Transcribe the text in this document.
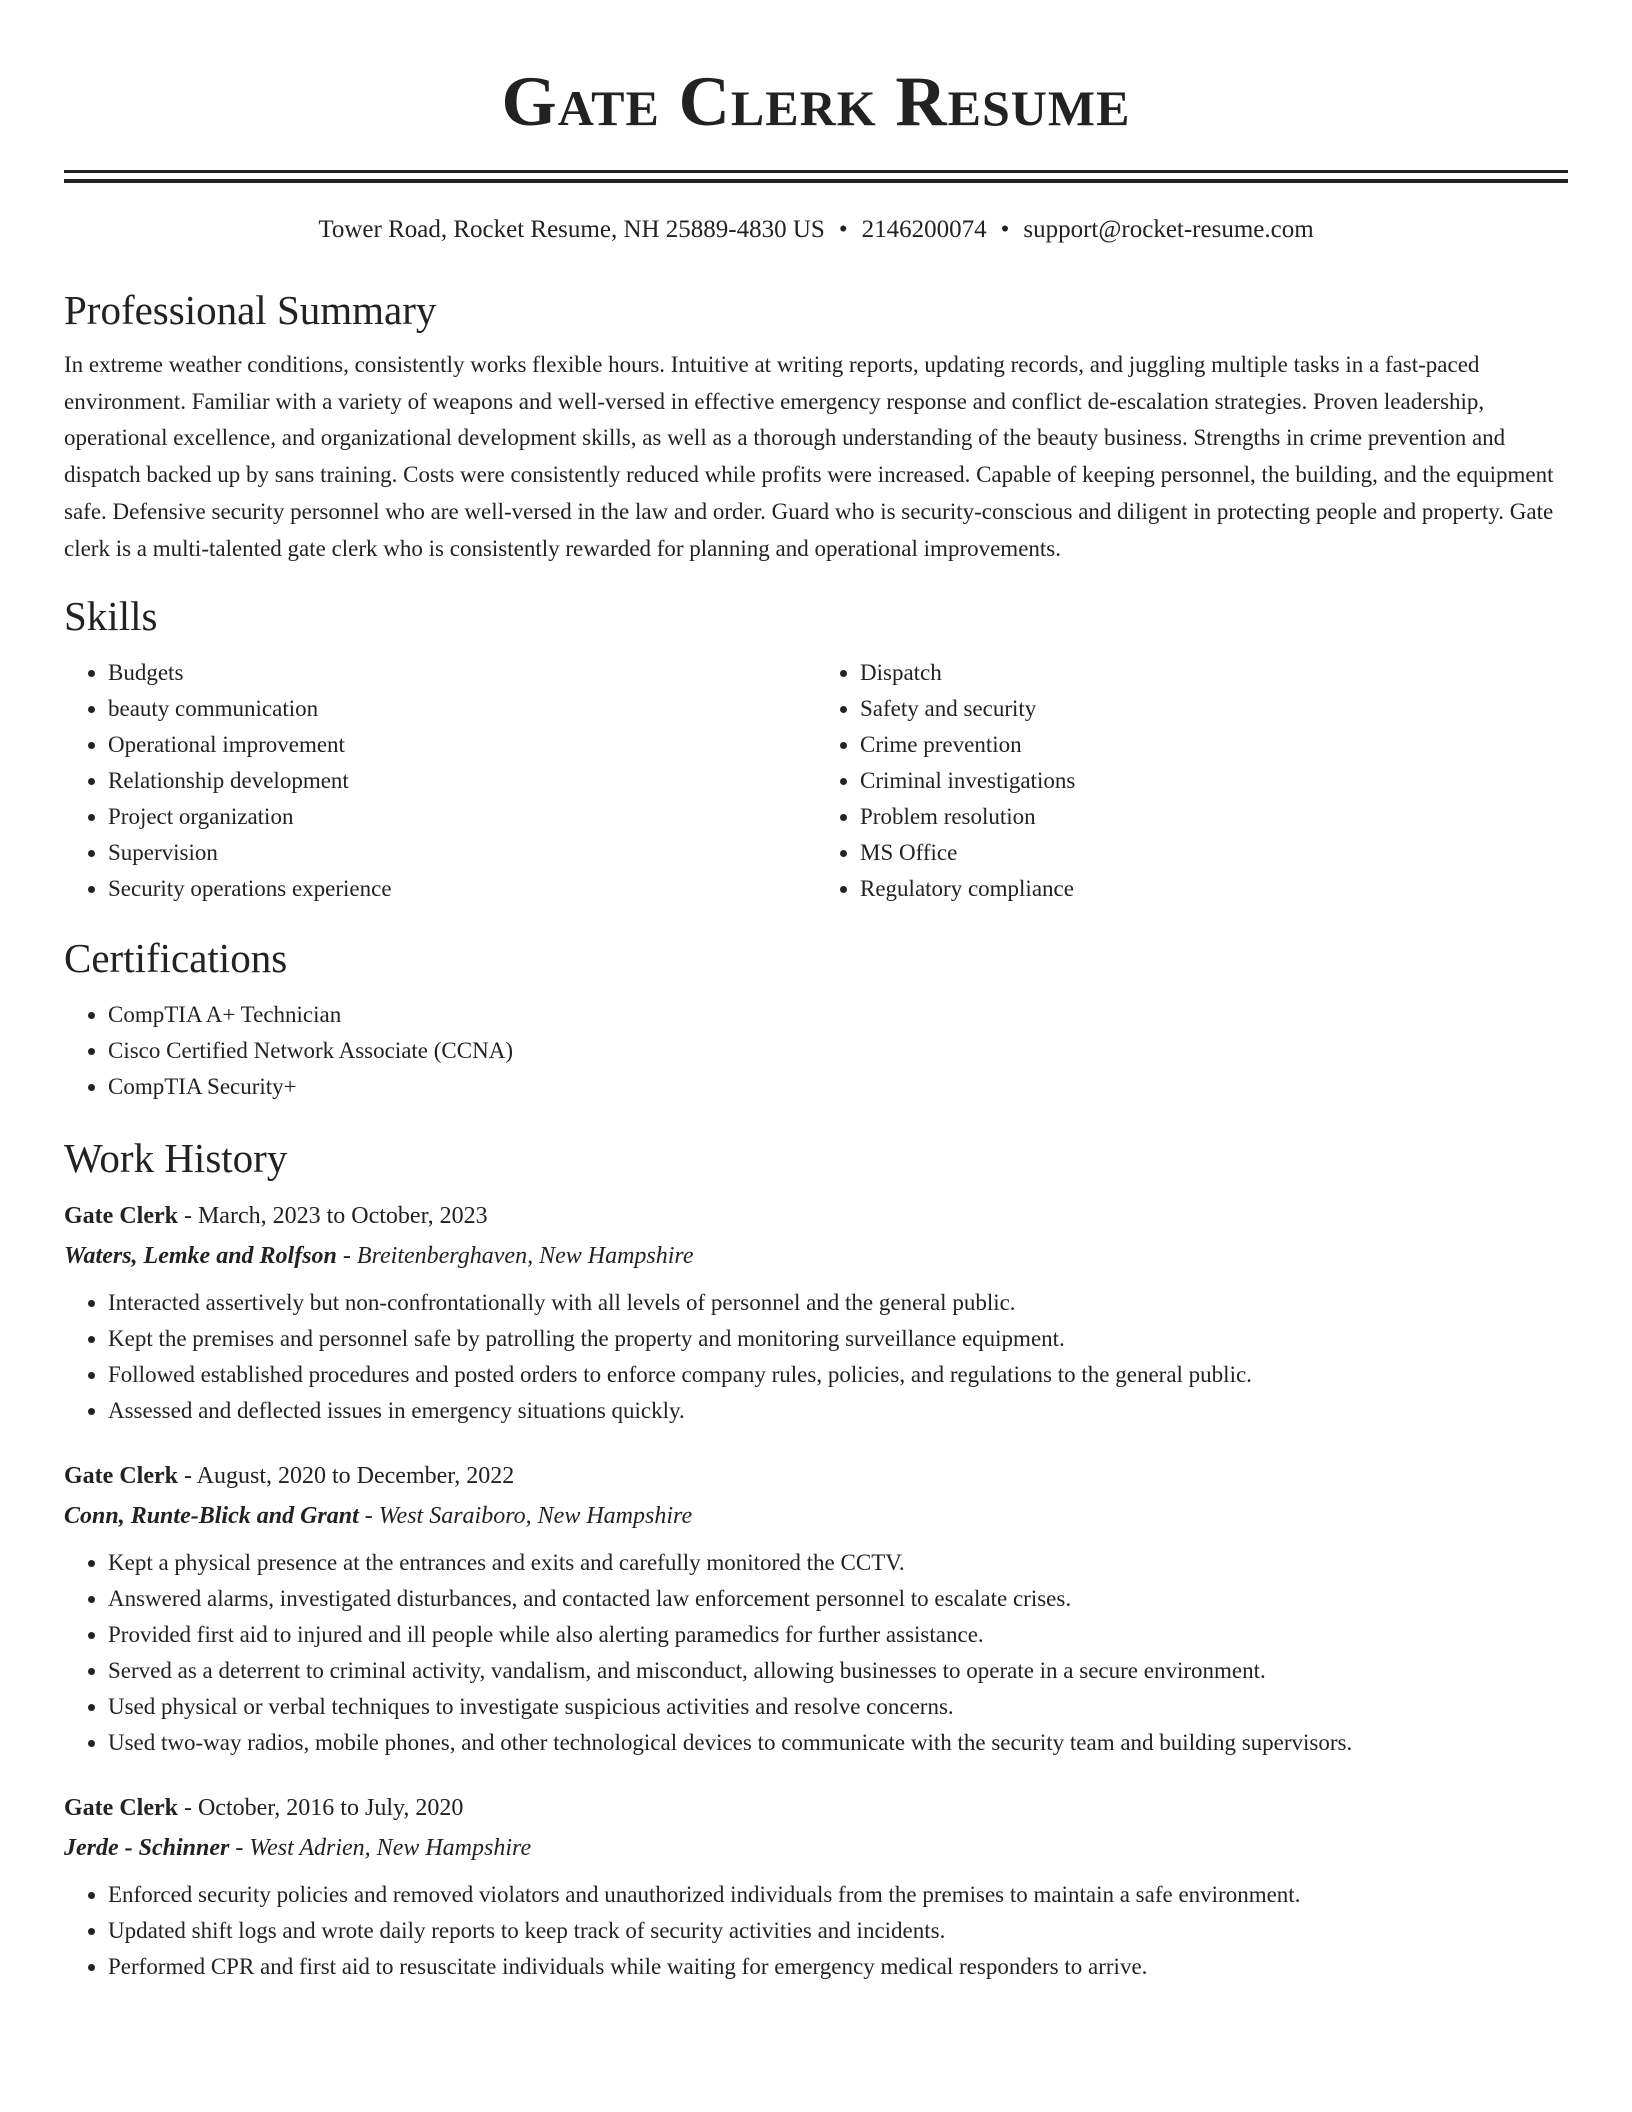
Gate Clerk Resume
Tower Road, Rocket Resume, NH 25889-4830 US • 2146200074 • support@rocket-resume.com
Professional Summary

In extreme weather conditions, consistently works flexible hours. Intuitive at writing reports, updating records, and juggling multiple tasks in a fast-paced environment. Familiar with a variety of weapons and well-versed in effective emergency response and conflict de-escalation strategies. Proven leadership, operational excellence, and organizational development skills, as well as a thorough understanding of the beauty business. Strengths in crime prevention and dispatch backed up by sans training. Costs were consistently reduced while profits were increased. Capable of keeping personnel, the building, and the equipment safe. Defensive security personnel who are well-versed in the law and order. Guard who is security-conscious and diligent in protecting people and property. Gate clerk is a multi-talented gate clerk who is consistently rewarded for planning and operational improvements.

Skills
• Budgets
• beauty communication
• Operational improvement
• Relationship development
• Project organization
• Supervision
• Security operations experience
• Dispatch
• Safety and security
• Crime prevention
• Criminal investigations
• Problem resolution
• MS Office
• Regulatory compliance
Certifications
• CompTIA A+ Technician
• Cisco Certified Network Associate (CCNA)
• CompTIA Security+
Work History
Gate Clerk - March, 2023 to October, 2023
Waters, Lemke and Rolfson - Breitenberghaven, New Hampshire
• Interacted assertively but non-confrontationally with all levels of personnel and the general public.
• Kept the premises and personnel safe by patrolling the property and monitoring surveillance equipment.
• Followed established procedures and posted orders to enforce company rules, policies, and regulations to the general public.
• Assessed and deflected issues in emergency situations quickly.
Gate Clerk - August, 2020 to December, 2022
Conn, Runte-Blick and Grant - West Saraiboro, New Hampshire
• Kept a physical presence at the entrances and exits and carefully monitored the CCTV.
• Answered alarms, investigated disturbances, and contacted law enforcement personnel to escalate crises.
• Provided first aid to injured and ill people while also alerting paramedics for further assistance.
• Served as a deterrent to criminal activity, vandalism, and misconduct, allowing businesses to operate in a secure environment.
• Used physical or verbal techniques to investigate suspicious activities and resolve concerns.
• Used two-way radios, mobile phones, and other technological devices to communicate with the security team and building supervisors.
Gate Clerk - October, 2016 to July, 2020
Jerde - Schinner - West Adrien, New Hampshire
• Enforced security policies and removed violators and unauthorized individuals from the premises to maintain a safe environment.
• Updated shift logs and wrote daily reports to keep track of security activities and incidents.
• Performed CPR and first aid to resuscitate individuals while waiting for emergency medical responders to arrive.
